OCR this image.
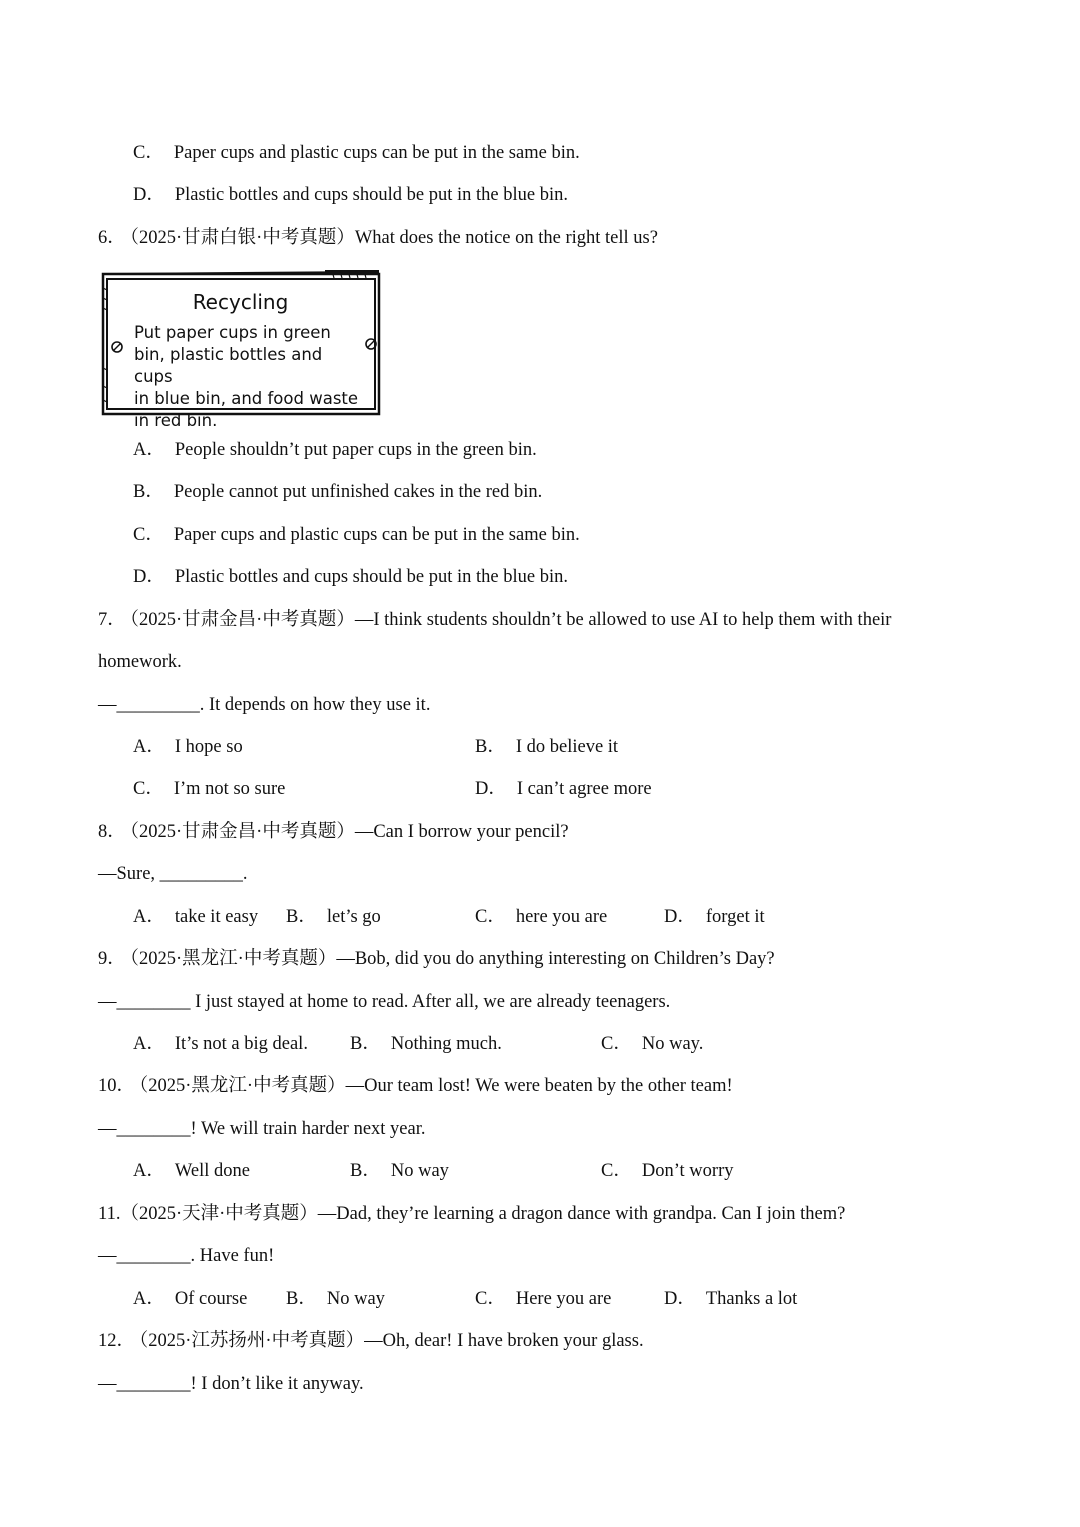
C． Paper cups and plastic cups can be put in the same bin.
D． Plastic bottles and cups should be put in the blue bin.
6． （2025·甘肃白银·中考真题）What does the notice on the right tell us?
Recycling
Put paper cups in green
bin, plastic bottles and cups
in blue bin, and food waste
in red bin.
A． People shouldn’t put paper cups in the green bin.
B． People cannot put unfinished cakes in the red bin.
C． Paper cups and plastic cups can be put in the same bin.
D． Plastic bottles and cups should be put in the blue bin.
7． （2025·甘肃金昌·中考真题）—I think students shouldn’t be allowed to use AI to help them with their
homework.
—_________. It depends on how they use it.
A． I hope so	B． I do believe it
C． I’m not so sure	D． I can’t agree more
8． （2025·甘肃金昌·中考真题）—Can I borrow your pencil?
—Sure, _________.
A． take it easy B． let’s go	C． here you are	D． forget it
9． （2025·黑龙江·中考真题）—Bob, did you do anything interesting on Children’s Day?
—________ I just stayed at home to read. After all, we are already teenagers.
A． It’s not a big deal. B． Nothing much.	C． No way.
10． （2025·黑龙江·中考真题）—Our team lost! We were beaten by the other team!
—________! We will train harder next year.
A． Well done	B． No way	C． Don’t worry
11.（2025·天津·中考真题）—Dad, they’re learning a dragon dance with grandpa. Can I join them?
—________. Have fun!
A． Of course B． No way	C． Here you are	D． Thanks a lot
12． （2025·江苏扬州·中考真题）—Oh, dear! I have broken your glass.
—________! I don’t like it anyway.
